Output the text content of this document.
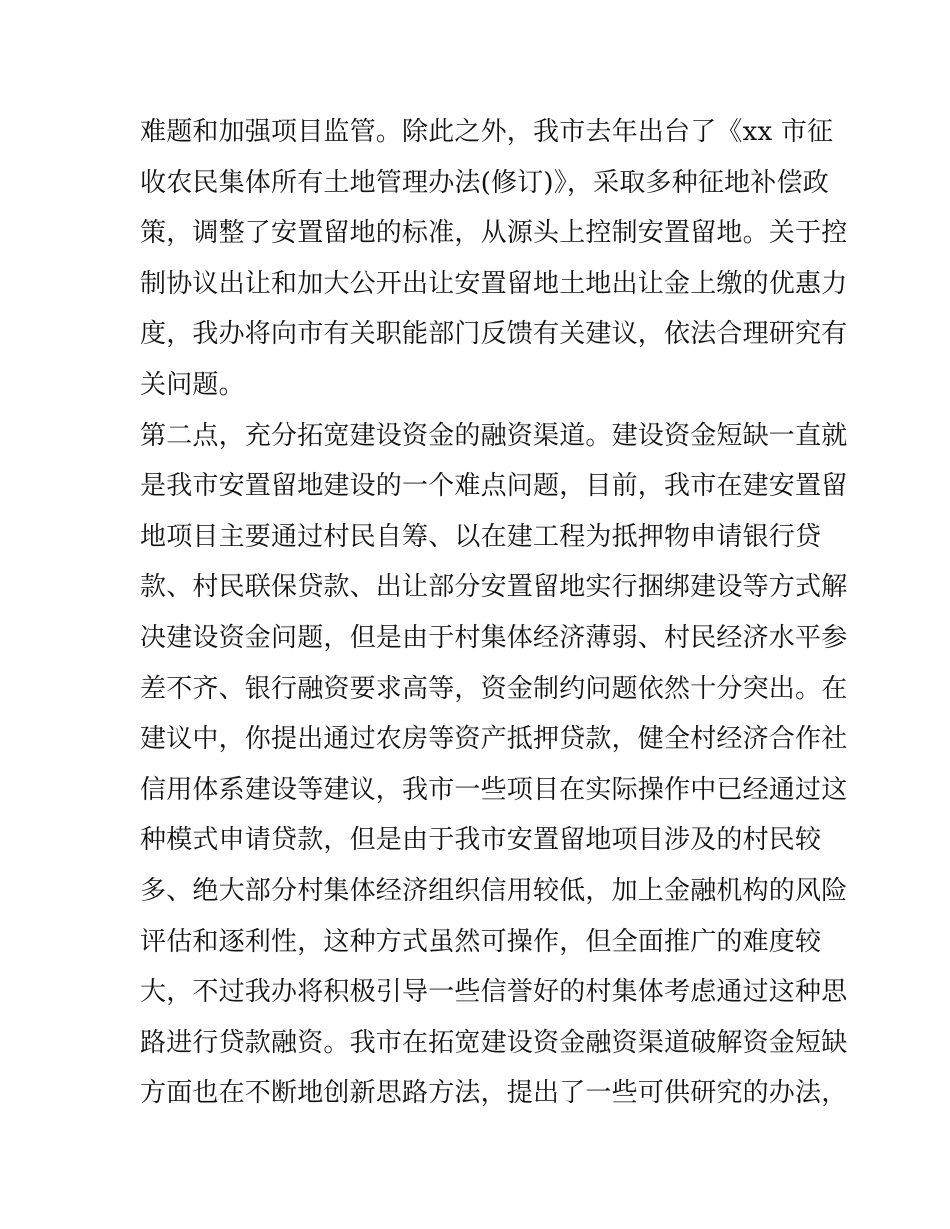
难题和加强项目监管。除此之外，我市去年出台了《xx 市征
收农民集体所有土地管理办法(修订)》，采取多种征地补偿政
策，调整了安置留地的标准，从源头上控制安置留地。关于控
制协议出让和加大公开出让安置留地土地出让金上缴的优惠力
度，我办将向市有关职能部门反馈有关建议，依法合理研究有
关问题。
第二点，充分拓宽建设资金的融资渠道。建设资金短缺一直就
是我市安置留地建设的一个难点问题，目前，我市在建安置留
地项目主要通过村民自筹、以在建工程为抵押物申请银行贷
款、村民联保贷款、出让部分安置留地实行捆绑建设等方式解
决建设资金问题，但是由于村集体经济薄弱、村民经济水平参
差不齐、银行融资要求高等，资金制约问题依然十分突出。在
建议中，你提出通过农房等资产抵押贷款，健全村经济合作社
信用体系建设等建议，我市一些项目在实际操作中已经通过这
种模式申请贷款，但是由于我市安置留地项目涉及的村民较
多、绝大部分村集体经济组织信用较低，加上金融机构的风险
评估和逐利性，这种方式虽然可操作，但全面推广的难度较
大，不过我办将积极引导一些信誉好的村集体考虑通过这种思
路进行贷款融资。我市在拓宽建设资金融资渠道破解资金短缺
方面也在不断地创新思路方法，提出了一些可供研究的办法，
